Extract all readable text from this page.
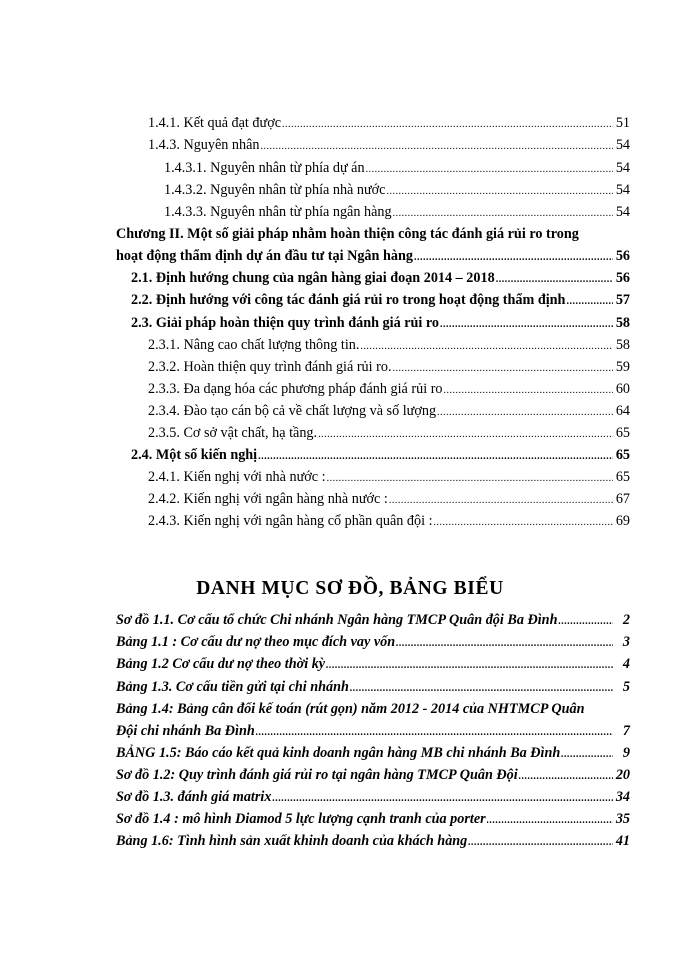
1.4.1. Kết quả đạt được .....	51
1.4.3. Nguyên nhân .....	54
1.4.3.1. Nguyên nhân từ phía dự án .....	54
1.4.3.2. Nguyên nhân từ phía nhà nước .....	54
1.4.3.3. Nguyên nhân từ phía ngân hàng .....	54
Chương II. Một số giải pháp nhằm hoàn thiện công tác đánh giá rủi ro trong
hoạt động thẩm định dự án đầu tư tại Ngân hàng .....	56
2.1. Định hướng chung của ngân hàng giai đoạn 2014 – 2018 .....	56
2.2. Định hướng với công tác đánh giá rủi ro trong hoạt động thẩm định .....	57
2.3. Giải pháp hoàn thiện quy trình đánh giá rủi ro .....	58
2.3.1. Nâng cao chất lượng thông tin. .....	58
2.3.2. Hoàn thiện quy trình đánh giá rủi ro. .....	59
2.3.3. Đa dạng hóa các phương pháp đánh giá rủi ro .....	60
2.3.4. Đào tạo cán bộ cả về chất lượng và số lượng .....	64
2.3.5. Cơ sở vật chất, hạ tầng. .....	65
2.4. Một số kiến nghị .....	65
2.4.1. Kiến nghị với nhà nước : .....	65
2.4.2. Kiến nghị với ngân hàng nhà nước : .....	67
2.4.3. Kiến nghị với ngân hàng cổ phần quân đội : .....	69
DANH MỤC SƠ ĐỒ, BẢNG BIỂU
Sơ đồ 1.1. Cơ cấu tổ chức Chi nhánh Ngân hàng TMCP Quân đội Ba Đình .....	2
Bảng 1.1 : Cơ cấu dư nợ theo mục đích vay vốn .....	3
Bảng 1.2 Cơ cấu dư nợ theo thời kỳ .....	4
Bảng 1.3. Cơ cấu tiền gửi tại chi nhánh .....	5
Bảng 1.4: Bảng cân đối kế toán (rút gọn) năm 2012 - 2014 của NHTMCP Quân
Đội chi nhánh Ba Đình .....	7
BẢNG 1.5: Báo cáo kết quả kinh doanh ngân hàng MB chi nhánh Ba Đình .....	9
Sơ đồ 1.2: Quy trình đánh giá rủi ro tại ngân hàng TMCP Quân Đội .....	20
Sơ đồ 1.3. đánh giá matrix .....	34
Sơ đồ 1.4 : mô hình Diamod 5 lực lượng cạnh tranh của porter .....	35
Bảng 1.6: Tình hình sản xuất khinh doanh của khách hàng .....	41
